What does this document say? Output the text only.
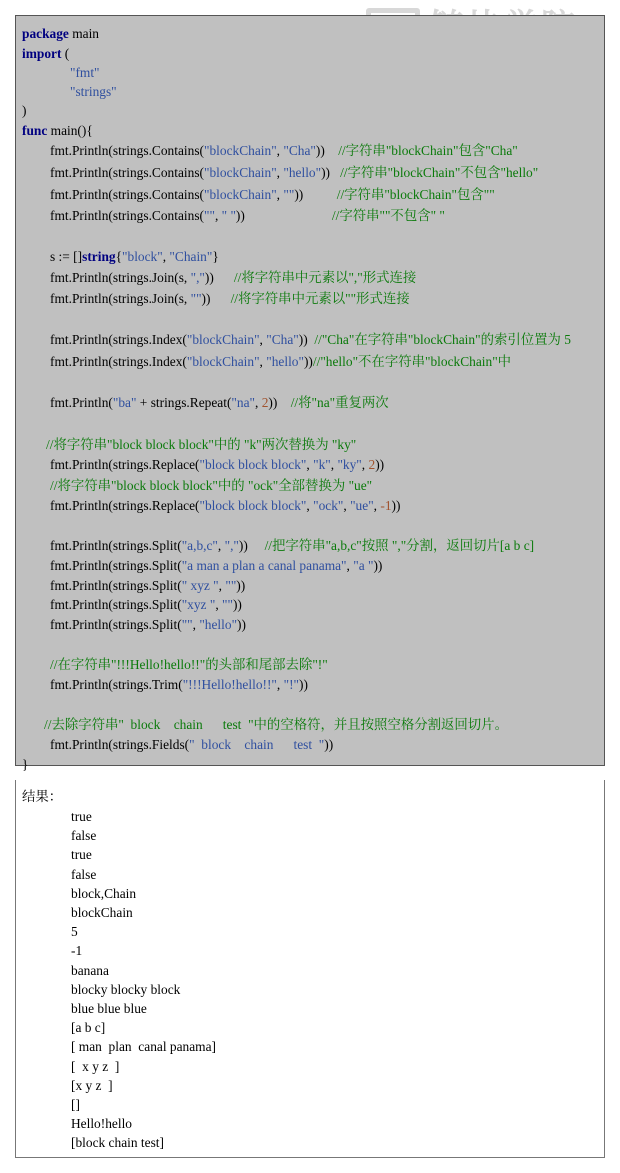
package main
import (
"fmt"
"strings"
)
func main(){
fmt.Println(strings.Contains("blockChain", "Cha"))    //字符串"blockChain"包含"Cha"
fmt.Println(strings.Contains("blockChain", "hello"))   //字符串"blockChain"不包含"hello"
fmt.Println(strings.Contains("blockChain", ""))          //字符串"blockChain"包含""
fmt.Println(strings.Contains("", " "))                          //字符串""不包含" "
s := []string{"block", "Chain"}
fmt.Println(strings.Join(s, ","))      //将字符串中元素以","形式连接
fmt.Println(strings.Join(s, ""))      //将字符串中元素以""形式连接
fmt.Println(strings.Index("blockChain", "Cha"))  //"Cha"在字符串"blockChain"的索引位置为 5
fmt.Println(strings.Index("blockChain", "hello"))//"hello"不在字符串"blockChain"中
fmt.Println("ba" + strings.Repeat("na", 2))    //将"na"重复两次
//将字符串"block block block"中的 "k"两次替换为 "ky"
fmt.Println(strings.Replace("block block block", "k", "ky", 2))
//将字符串"block block block"中的 "ock"全部替换为 "ue"
fmt.Println(strings.Replace("block block block", "ock", "ue", -1))
fmt.Println(strings.Split("a,b,c", ","))     //把字符串"a,b,c"按照 ","分割，返回切片[a b c]
fmt.Println(strings.Split("a man a plan a canal panama", "a "))
fmt.Println(strings.Split(" xyz ", ""))
fmt.Println(strings.Split("xyz ", ""))
fmt.Println(strings.Split("", "hello"))
//在字符串"!!!Hello!hello!!"的头部和尾部去除"!"
fmt.Println(strings.Trim("!!!Hello!hello!!", "!"))
//去除字符串"  block    chain      test  "中的空格符，并且按照空格分割返回切片。
fmt.Println(strings.Fields("  block    chain      test  "))
}
结果：
true
false
true
false
block,Chain
blockChain
5
-1
banana
blocky blocky block
blue blue blue
[a b c]
[ man  plan  canal panama]
[  x y z  ]
[x y z  ]
[]
Hello!hello
[block chain test]
